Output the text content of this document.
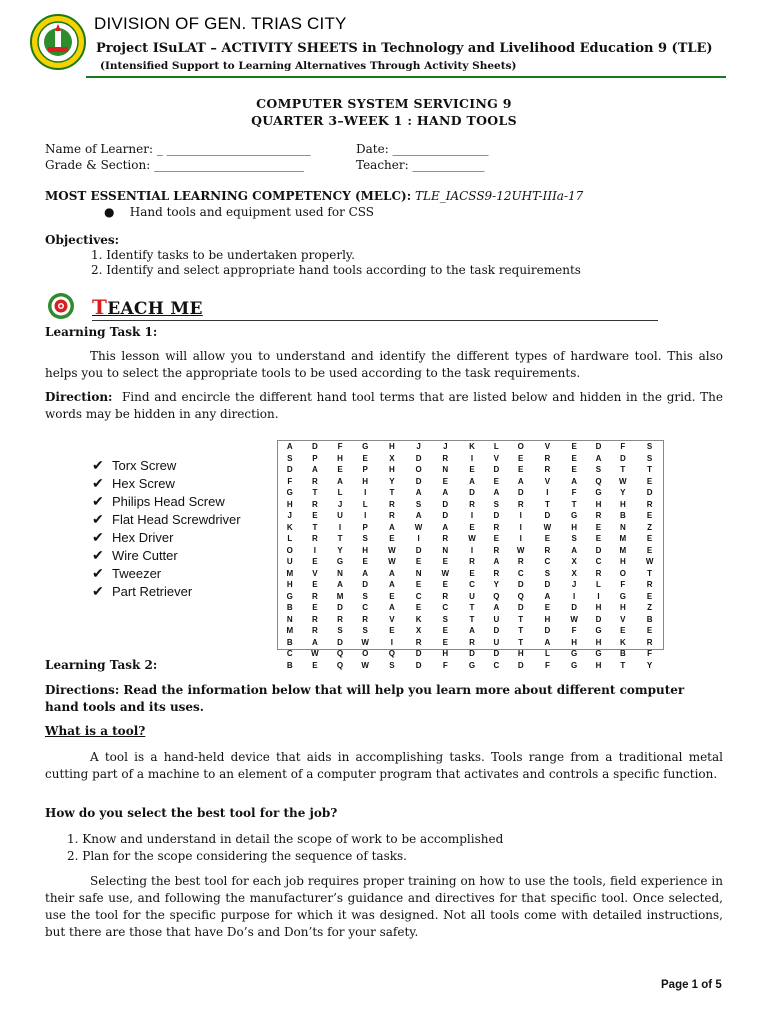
DIVISION OF GEN. TRIAS CITY
Project ISuLAT – ACTIVITY SHEETS in Technology and Livelihood Education 9 (TLE)
(Intensified Support to Learning Alternatives Through Activity Sheets)
COMPUTER SYSTEM SERVICING 9
QUARTER 3–WEEK 1 : HAND TOOLS
Name of Learner: _ ________________________	Date: ________________
Grade & Section: _________________________	Teacher: ____________
MOST ESSENTIAL LEARNING COMPETENCY (MELC): TLE_IACSS9-12UHT-IIIa-17
●    Hand tools and equipment used for CSS
Objectives:
1. Identify tasks to be undertaken properly.
2. Identify and select appropriate hand tools according to the task requirements
TEACH ME
Learning Task 1:
This lesson will allow you to understand and identify the different types of hardware tool. This also helps you to select the appropriate tools to be used according to the task requirements.
Direction: Find and encircle the different hand tool terms that are listed below and hidden in the grid. The words may be hidden in any direction.
✔ Torx Screw
✔ Hex Screw
✔ Philips Head Screw
✔ Flat Head Screwdriver
✔ Hex Driver
✔ Wire Cutter
✔ Tweezer
✔ Part Retriever
A	D	F	G	H	J	J	K	L	O	V	E	D	F	S
S	P	H	E	X	D	R	I	V	E	R	E	A	D	S
D	A	E	P	H	O	N	E	D	E	R	E	S	T	T
F	R	A	H	Y	D	E	A	E	A	V	A	Q	W	E
G	T	L	I	T	A	A	D	A	D	I	F	G	Y	D
H	R	J	L	R	S	D	R	S	R	T	T	H	H	R
J	E	U	I	R	A	D	I	D	I	D	G	R	B	E
K	T	I	P	A	W	A	E	R	I	W	H	E	N	Z
L	R	T	S	E	I	R	W	E	I	E	S	E	M	E
O	I	Y	H	W	D	N	I	R	W	R	A	D	M	E
U	E	G	E	W	E	E	R	A	R	C	X	C	H	W
M	V	N	A	A	N	W	E	R	C	S	X	R	O	T
H	E	A	D	A	E	E	C	Y	D	D	J	L	F	R
G	R	M	S	E	C	R	U	Q	Q	A	I	I	G	E
B	E	D	C	A	E	C	T	A	D	E	D	H	H	Z
N	R	R	R	V	K	S	T	U	T	H	W	D	V	B
M	R	S	S	E	X	E	A	D	T	D	F	G	E	E
B	A	D	W	I	R	E	R	U	T	A	H	H	K	R
C	W	Q	O	Q	D	H	D	D	H	L	G	G	B	F
B	E	Q	W	S	D	F	G	C	D	F	G	H	T	Y
Learning Task 2:
Directions: Read the information below that will help you learn more about different computer hand tools and its uses.
What is a tool?
A tool is a hand-held device that aids in accomplishing tasks. Tools range from a traditional metal cutting part of a machine to an element of a computer program that activates and controls a specific function.
How do you select the best tool for the job?
1. Know and understand in detail the scope of work to be accomplished
2. Plan for the scope considering the sequence of tasks.
Selecting the best tool for each job requires proper training on how to use the tools, field experience in their safe use, and following the manufacturer’s guidance and directives for that specific tool. Once selected, use the tool for the specific purpose for which it was designed. Not all tools come with detailed instructions, but there are those that have Do’s and Don’ts for your safety.
Page 1 of 5
